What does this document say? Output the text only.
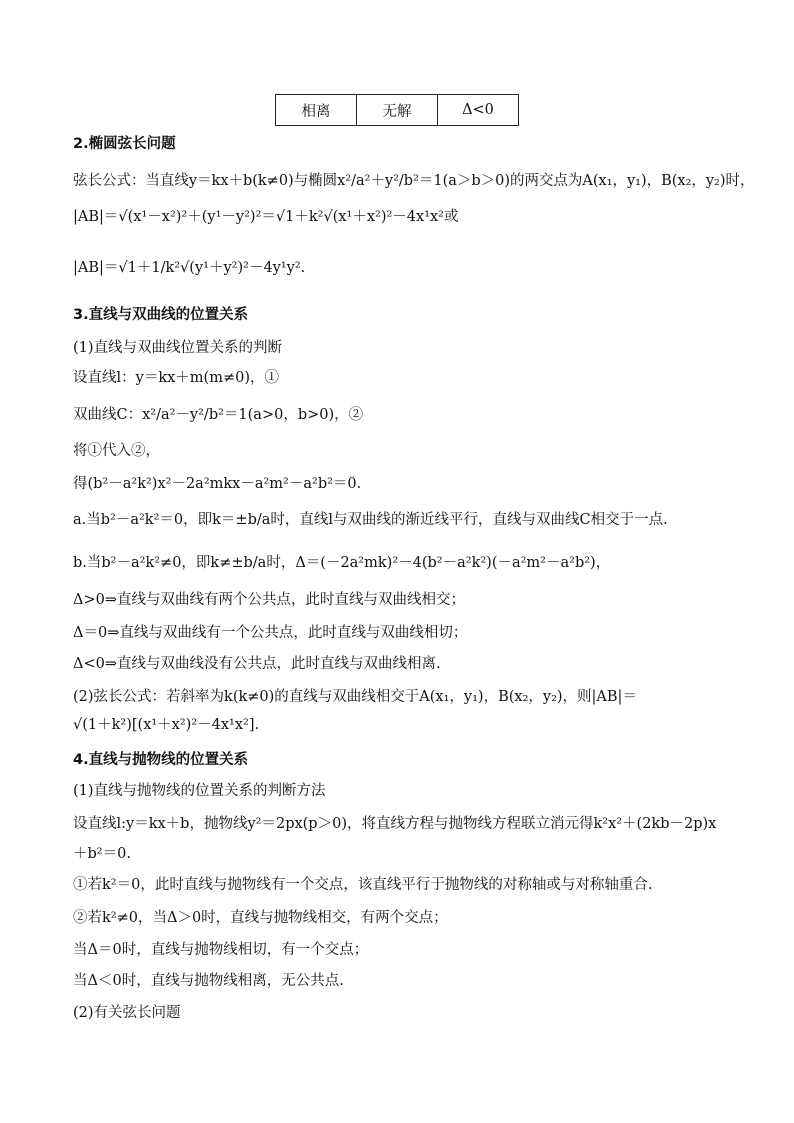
相离	无解	Δ<0
2.椭圆弦长问题
弦长公式：当直线y＝kx＋b(k≠0)与椭圆x²/a²＋y²/b²＝1(a＞b＞0)的两交点为A(x₁，y₁)，B(x₂，y₂)时，
|AB|＝√(x¹－x²)²＋(y¹－y²)²＝√1＋k²√(x¹＋x²)²－4x¹x²或
|AB|＝√1＋1/k²√(y¹＋y²)²－4y¹y².
3.直线与双曲线的位置关系
(1)直线与双曲线位置关系的判断
设直线l：y＝kx＋m(m≠0)，①
双曲线C：x²/a²－y²/b²＝1(a>0，b>0)，②
将①代入②，
得(b²－a²k²)x²－2a²mkx－a²m²－a²b²＝0.
a.当b²－a²k²＝0，即k＝±b/a时，直线l与双曲线的渐近线平行，直线与双曲线C相交于一点.
b.当b²－a²k²≠0，即k≠±b/a时，Δ＝(－2a²mk)²－4(b²－a²k²)(－a²m²－a²b²)，
Δ>0⇒直线与双曲线有两个公共点，此时直线与双曲线相交；
Δ＝0⇒直线与双曲线有一个公共点，此时直线与双曲线相切；
Δ<0⇒直线与双曲线没有公共点，此时直线与双曲线相离.
(2)弦长公式：若斜率为k(k≠0)的直线与双曲线相交于A(x₁，y₁)，B(x₂，y₂)，则|AB|＝
√(1＋k²)[(x¹＋x²)²－4x¹x²].
4.直线与抛物线的位置关系
(1)直线与抛物线的位置关系的判断方法
设直线l:y＝kx＋b，抛物线y²＝2px(p＞0)，将直线方程与抛物线方程联立消元得k²x²＋(2kb－2p)x
＋b²＝0.
①若k²＝0，此时直线与抛物线有一个交点，该直线平行于抛物线的对称轴或与对称轴重合.
②若k²≠0，当Δ＞0时，直线与抛物线相交，有两个交点；
当Δ＝0时，直线与抛物线相切，有一个交点；
当Δ＜0时，直线与抛物线相离，无公共点.
(2)有关弦长问题
